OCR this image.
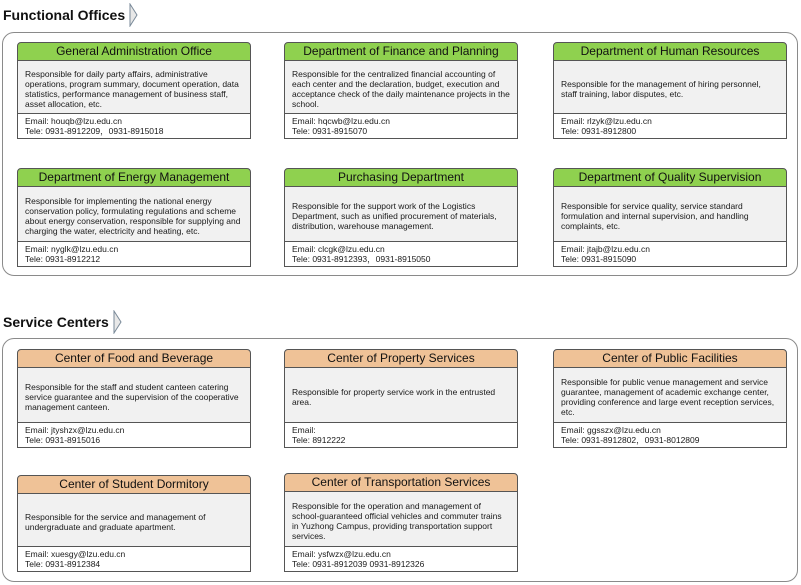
Functional Offices
General Administration Office
Responsible for daily party affairs, administrative operations, program summary, document operation, data statistics, performance management of business staff, asset allocation, etc.
Email: houqb@lzu.edu.cn
Tele: 0931-8912209，0931-8915018
Department of Finance and Planning
Responsible for the centralized financial accounting of each center and the declaration, budget, execution and acceptance check of the daily maintenance projects in the school.
Email: hqcwb@lzu.edu.cn
Tele: 0931-8915070
Department of Human Resources
Responsible for the management of hiring personnel, staff training, labor disputes, etc.
Email: rlzyk@lzu.edu.cn
Tele: 0931-8912800
Department of Energy Management
Responsible for implementing the national energy conservation policy, formulating regulations and scheme about energy conservation, responsible for supplying and charging the water, electricity and heating, etc.
Email: nyglk@lzu.edu.cn
Tele: 0931-8912212
Purchasing Department
Responsible for the support work of the Logistics Department, such as unified procurement of materials, distribution, warehouse management.
Email: clcgk@lzu.edu.cn
Tele: 0931-8912393，0931-8915050
Department of Quality Supervision
Responsible for service quality, service standard formulation and internal supervision, and handling complaints, etc.
Email: jtajb@lzu.edu.cn
Tele: 0931-8915090
Service Centers
Center of Food and Beverage
Responsible for the staff and student canteen catering service guarantee and the supervision of the cooperative management canteen.
Email: jtyshzx@lzu.edu.cn
Tele: 0931-8915016
Center of Property Services
Responsible for property service work in the entrusted area.
Email:
Tele: 8912222
Center of Public Facilities
Responsible for public venue management and service guarantee, management of academic exchange center, providing conference and large event reception services, etc.
Email: ggsszx@lzu.edu.cn
Tele: 0931-8912802，0931-8012809
Center of Student Dormitory
Responsible for the service and management of undergraduate and graduate apartment.
Email: xuesgy@lzu.edu.cn
Tele: 0931-8912384
Center of Transportation Services
Responsible for the operation and management of school-guaranteed official vehicles and commuter trains in Yuzhong Campus, providing transportation support services.
Email: ysfwzx@lzu.edu.cn
Tele: 0931-8912039 0931-8912326
